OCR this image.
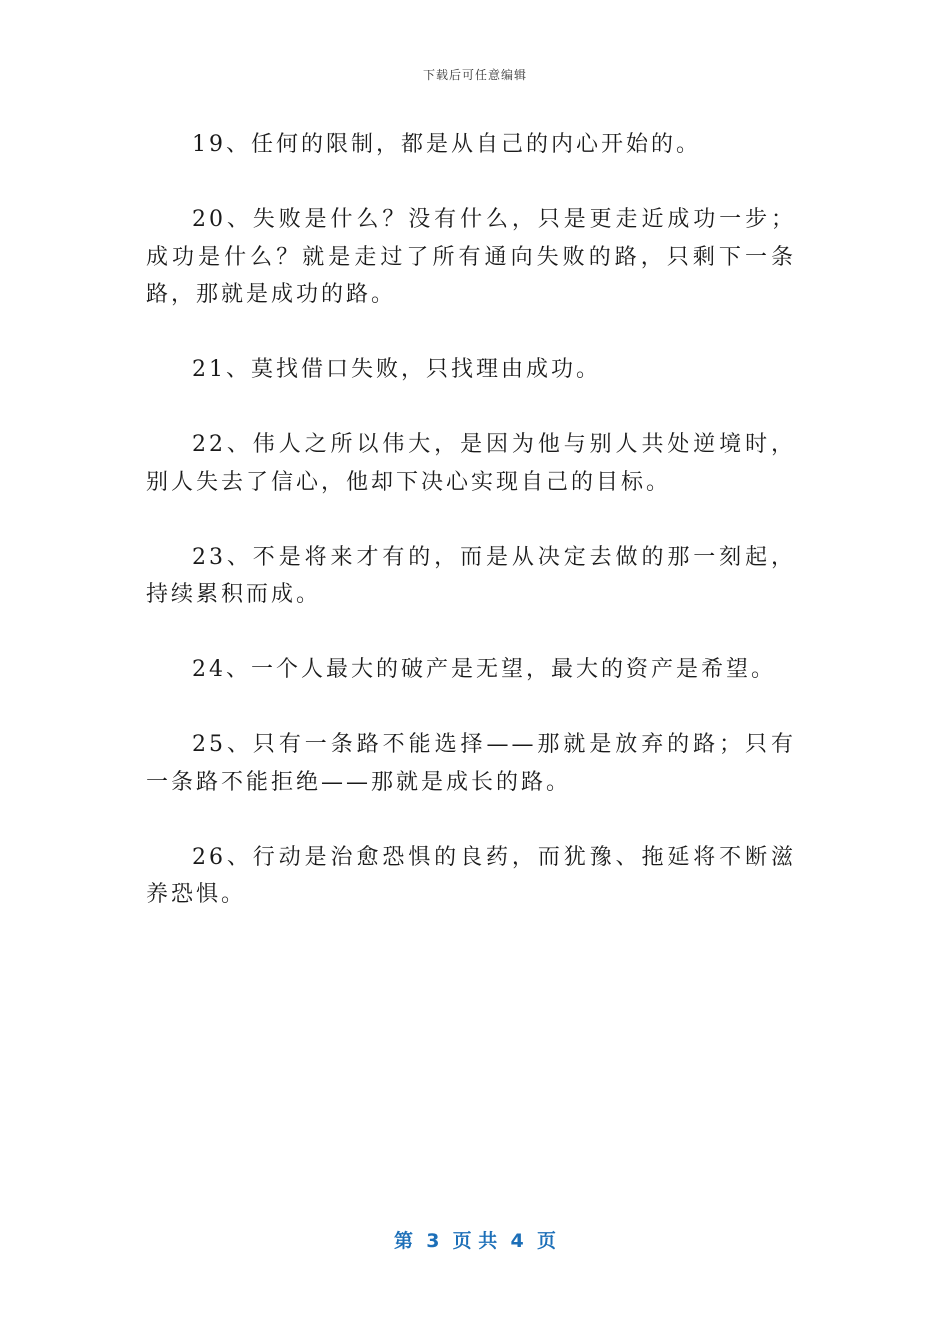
下载后可任意编辑

19、任何的限制，都是从自己的内心开始的。

20、失败是什么？没有什么，只是更走近成功一步；成功是什么？就是走过了所有通向失败的路，只剩下一条路，那就是成功的路。

21、莫找借口失败，只找理由成功。

22、伟人之所以伟大，是因为他与别人共处逆境时，别人失去了信心，他却下决心实现自己的目标。

23、不是将来才有的，而是从决定去做的那一刻起，持续累积而成。

24、一个人最大的破产是无望，最大的资产是希望。

25、只有一条路不能选择——那就是放弃的路；只有一条路不能拒绝——那就是成长的路。

26、行动是治愈恐惧的良药，而犹豫、拖延将不断滋养恐惧。

第  3  页 共  4  页
